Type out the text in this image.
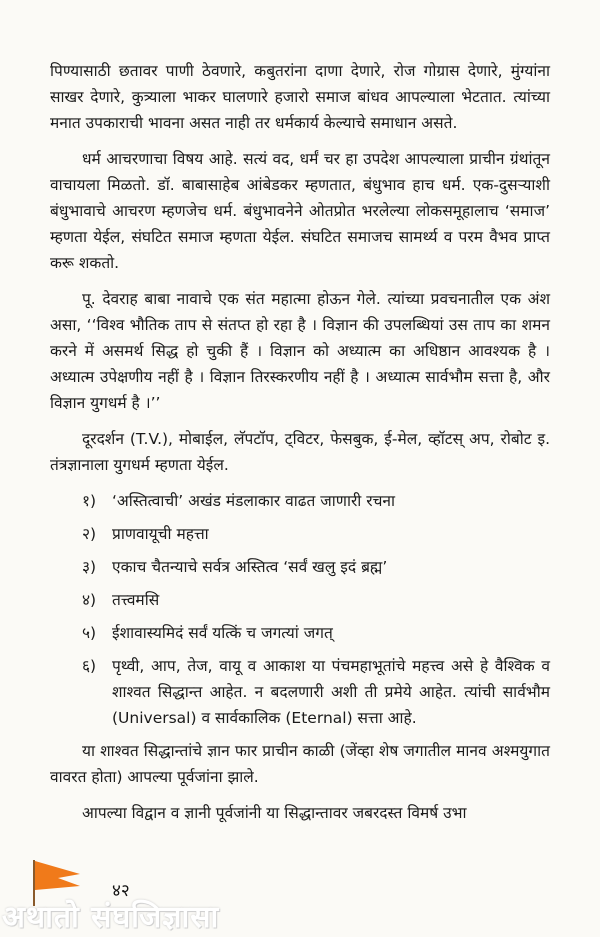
पिण्यासाठी छतावर पाणी ठेवणारे, कबुतरांना दाणा देणारे, रोज गोग्रास देणारे, मुंग्यांना साखर देणारे, कुत्र्याला भाकर घालणारे हजारो समाज बांधव आपल्याला भेटतात. त्यांच्या मनात उपकाराची भावना असत नाही तर धर्मकार्य केल्याचे समाधान असते.

धर्म आचरणाचा विषय आहे. सत्यं वद, धर्मं चर हा उपदेश आपल्याला प्राचीन ग्रंथांतून वाचायला मिळतो. डॉ. बाबासाहेब आंबेडकर म्हणतात, बंधुभाव हाच धर्म. एक-दुसऱ्याशी बंधुभावाचे आचरण म्हणजेच धर्म. बंधुभावनेने ओतप्रोत भरलेल्या लोकसमूहालाच ‘समाज’ म्हणता येईल, संघटित समाज म्हणता येईल. संघटित समाजच सामर्थ्य व परम वैभव प्राप्त करू शकतो.

पू. देवराह बाबा नावाचे एक संत महात्मा होऊन गेले. त्यांच्या प्रवचनातील एक अंश असा, ‘‘विश्व भौतिक ताप से संतप्त हो रहा है । विज्ञान की उपलब्धियां उस ताप का शमन करने में असमर्थ सिद्ध हो चुकी हैं । विज्ञान को अध्यात्म का अधिष्ठान आवश्यक है । अध्यात्म उपेक्षणीय नहीं है । विज्ञान तिरस्करणीय नहीं है । अध्यात्म सार्वभौम सत्ता है, और विज्ञान युगधर्म है ।’’

दूरदर्शन (T.V.), मोबाईल, लॅपटॉप, ट्विटर, फेसबुक, ई-मेल, व्हॉटस् अप, रोबोट इ. तंत्रज्ञानाला युगधर्म म्हणता येईल.

१) ‘अस्तित्वाची’ अखंड मंडलाकार वाढत जाणारी रचना
२) प्राणवायूची महत्ता
३) एकाच चैतन्याचे सर्वत्र अस्तित्व ‘सर्वं खलु इदं ब्रह्म’
४) तत्त्वमसि
५) ईशावास्यमिदं सर्वं यत्किं च जगत्यां जगत्
६) पृथ्वी, आप, तेज, वायू व आकाश या पंचमहाभूतांचे महत्त्व असे हे वैश्विक व शाश्वत सिद्धान्त आहेत. न बदलणारी अशी ती प्रमेये आहेत. त्यांची सार्वभौम (Universal) व सार्वकालिक (Eternal) सत्ता आहे.

या शाश्वत सिद्धान्तांचे ज्ञान फार प्राचीन काळी (जेंव्हा शेष जगातील मानव अश्मयुगात वावरत होता) आपल्या पूर्वजांना झाले.

आपल्या विद्वान व ज्ञानी पूर्वजांनी या सिद्धान्तावर जबरदस्त विमर्ष उभा

४२
अथातो संघजिज्ञासा
